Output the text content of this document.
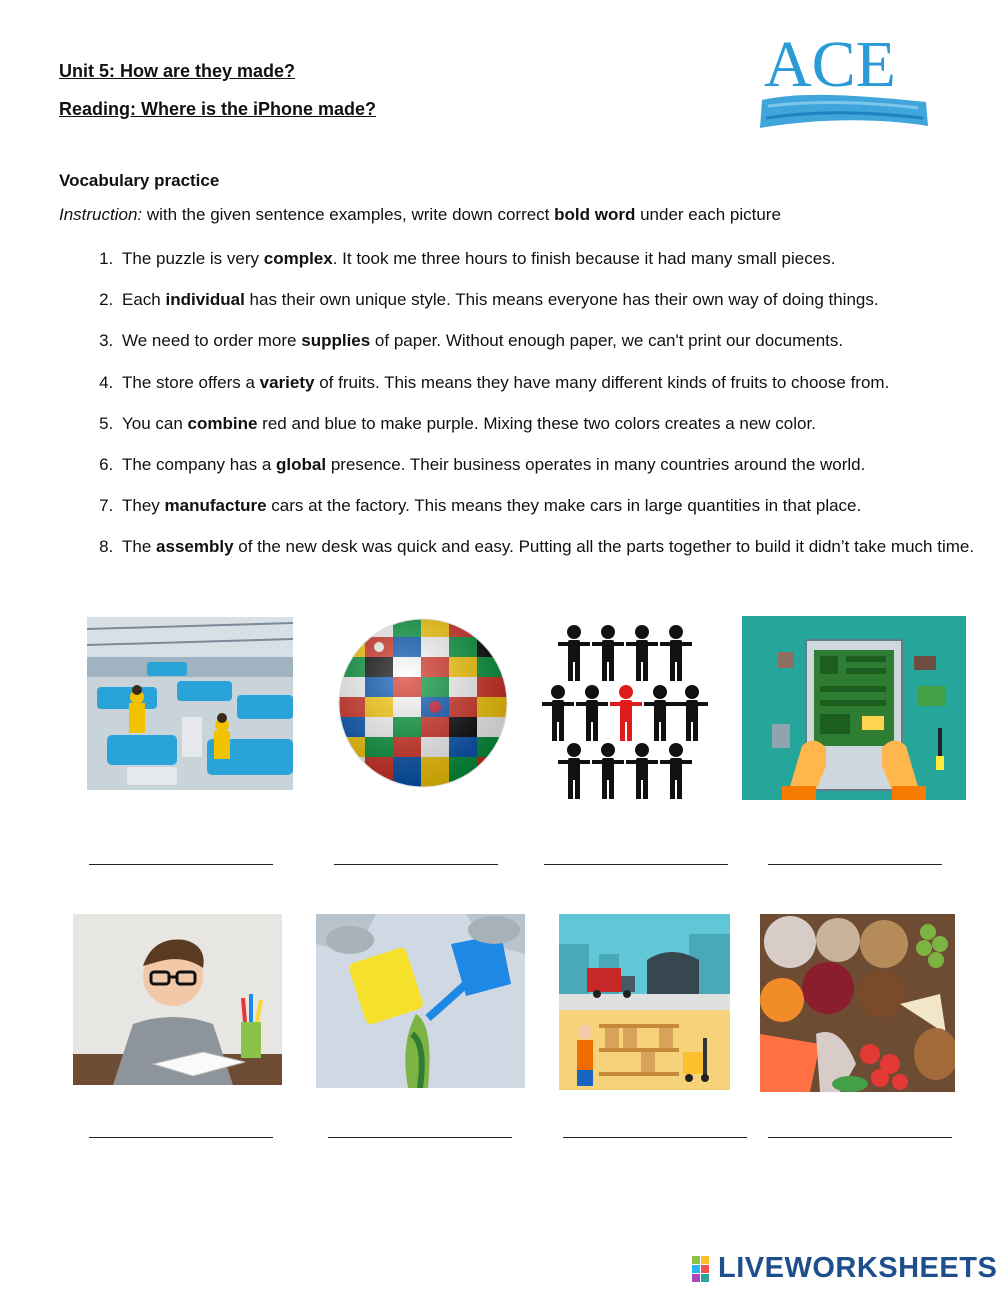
Unit 5: How are they made?
Reading: Where is the iPhone made?
ACE
Vocabulary practice
Instruction: with the given sentence examples, write down correct bold word under each picture
1. The puzzle is very complex. It took me three hours to finish because it had many small pieces.
2. Each individual has their own unique style. This means everyone has their own way of doing things.
3. We need to order more supplies of paper. Without enough paper, we can't print our documents.
4. The store offers a variety of fruits. This means they have many different kinds of fruits to choose from.
5. You can combine red and blue to make purple. Mixing these two colors creates a new color.
6. The company has a global presence. Their business operates in many countries around the world.
7. They manufacture cars at the factory. This means they make cars in large quantities in that place.
8. The assembly of the new desk was quick and easy. Putting all the parts together to build it didn’t take much time.
LIVEWORKSHEETS
